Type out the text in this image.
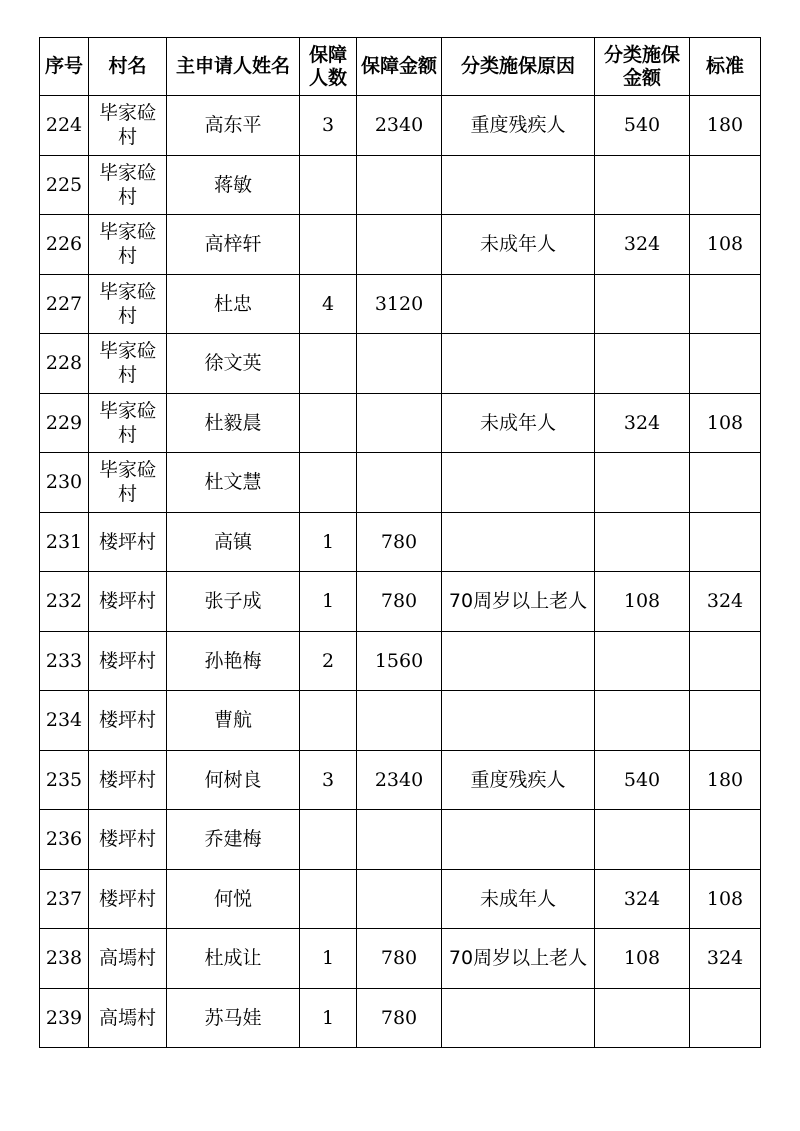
序号	村名	主申请人姓名	保障人数	保障金额	分类施保原因	分类施保金额	标准
224	毕家硷村	高东平	3	2340	重度残疾人	540	180
225	毕家硷村	蒋敏					
226	毕家硷村	高梓轩			未成年人	324	108
227	毕家硷村	杜忠	4	3120			
228	毕家硷村	徐文英					
229	毕家硷村	杜毅晨			未成年人	324	108
230	毕家硷村	杜文慧					
231	楼坪村	高镇	1	780			
232	楼坪村	张子成	1	780	70周岁以上老人	108	324
233	楼坪村	孙艳梅	2	1560			
234	楼坪村	曹航					
235	楼坪村	何树良	3	2340	重度残疾人	540	180
236	楼坪村	乔建梅					
237	楼坪村	何悦			未成年人	324	108
238	高墕村	杜成让	1	780	70周岁以上老人	108	324
239	高墕村	苏马娃	1	780			
